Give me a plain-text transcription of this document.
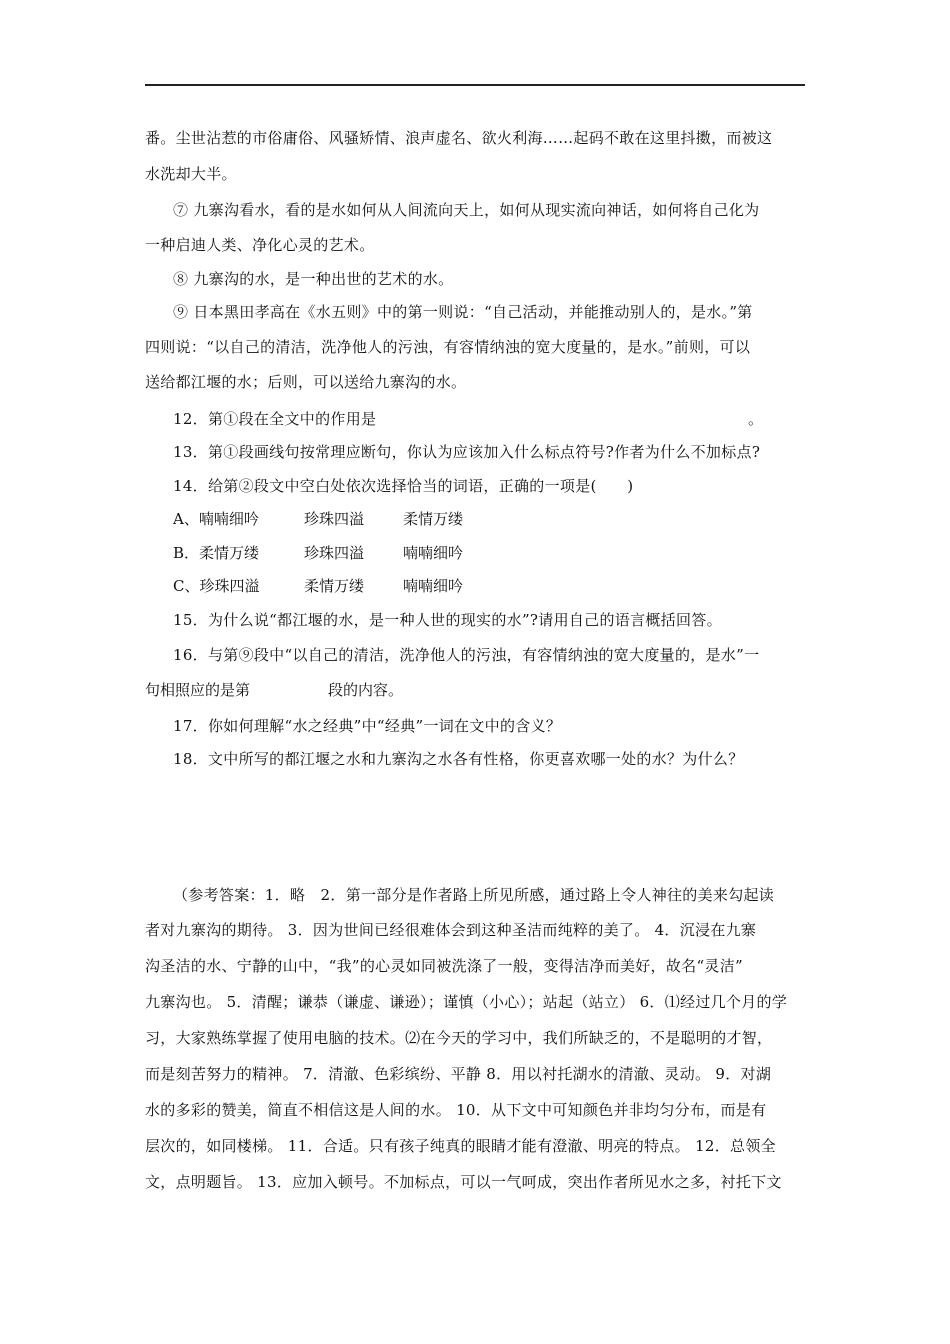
番。尘世沾惹的市俗庸俗、风骚矫情、浪声虚名、欲火利海……起码不敢在这里抖擞，而被这
水洗却大半。
⑦ 九寨沟看水，看的是水如何从人间流向天上，如何从现实流向神话，如何将自己化为
一种启迪人类、净化心灵的艺术。
⑧ 九寨沟的水，是一种出世的艺术的水。
⑨ 日本黑田孝高在《水五则》中的第一则说：“自己活动，并能推动别人的，是水。”第
四则说：“以自己的清洁，洗净他人的污浊，有容情纳浊的宽大度量的，是水。”前则，可以
送给都江堰的水；后则，可以送给九寨沟的水。
12．第①段在全文中的作用是	。
13．第①段画线句按常理应断句，你认为应该加入什么标点符号?作者为什么不加标点?
14．给第②段文中空白处依次选择恰当的词语，正确的一项是(　　)
A、喃喃细吟	珍珠四溢	柔情万缕
B．柔情万缕	珍珠四溢	喃喃细吟
C、珍珠四溢	柔情万缕	喃喃细吟
15．为什么说“都江堰的水，是一种人世的现实的水”?请用自己的语言概括回答。
16．与第⑨段中“以自己的清洁，洗净他人的污浊，有容情纳浊的宽大度量的，是水”一
句相照应的是第	段的内容。
17．你如何理解“水之经典”中“经典”一词在文中的含义？
18．文中所写的都江堰之水和九寨沟之水各有性格，你更喜欢哪一处的水？为什么？
（参考答案：1．略　2．第一部分是作者路上所见所感，通过路上令人神往的美来勾起读
者对九寨沟的期待。 3．因为世间已经很难体会到这种圣洁而纯粹的美了。 4．沉浸在九寨
沟圣洁的水、宁静的山中，“我”的心灵如同被洗涤了一般，变得洁净而美好，故名“灵洁”
九寨沟也。 5．清醒；谦恭（谦虚、谦逊）；谨慎（小心）；站起（站立） 6．⑴经过几个月的学
习，大家熟练掌握了使用电脑的技术。⑵在今天的学习中，我们所缺乏的，不是聪明的才智，
而是刻苦努力的精神。 7．清澈、色彩缤纷、平静 8．用以衬托湖水的清澈、灵动。 9．对湖
水的多彩的赞美，简直不相信这是人间的水。 10．从下文中可知颜色并非均匀分布，而是有
层次的，如同楼梯。 11．合适。只有孩子纯真的眼睛才能有澄澈、明亮的特点。 12．总领全
文，点明题旨。 13．应加入顿号。不加标点，可以一气呵成，突出作者所见水之多，衬托下文
